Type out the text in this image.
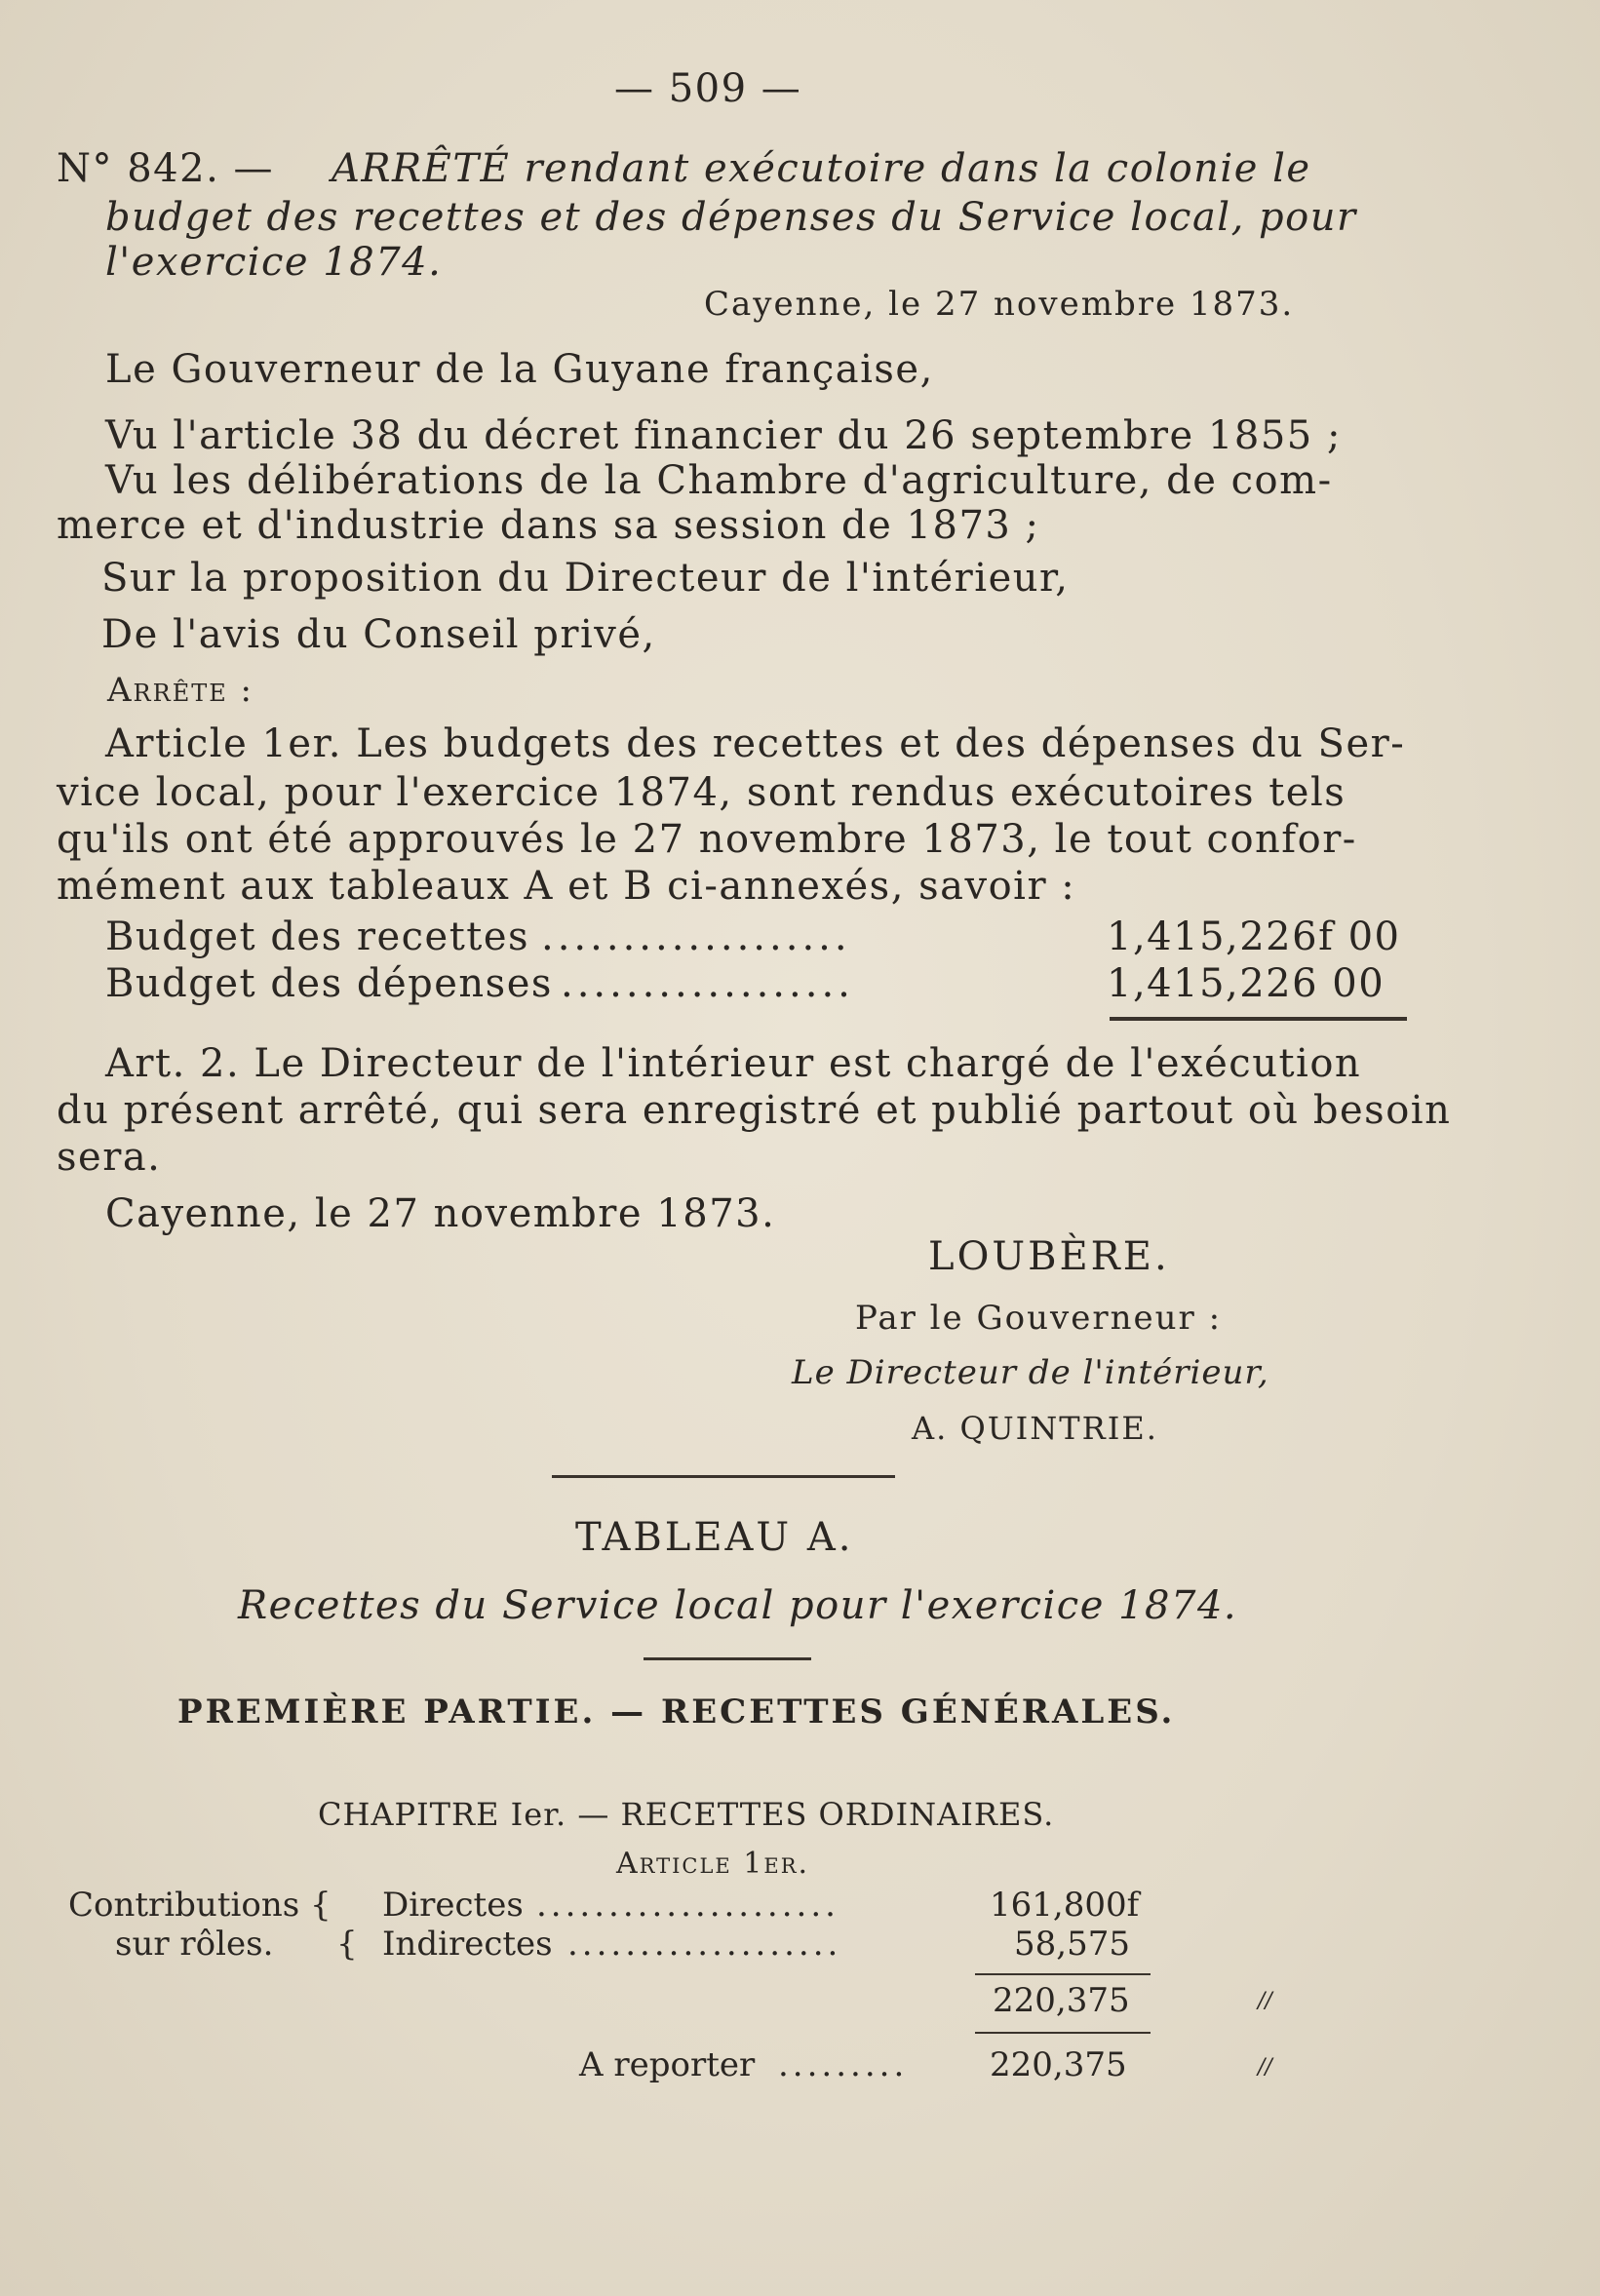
— 509 —
N° 842. — ARRÊTÉ rendant exécutoire dans la colonie le
budget des recettes et des dépenses du Service local, pour
l'exercice 1874.
Cayenne, le 27 novembre 1873.
Le Gouverneur de la Guyane française,
Vu l'article 38 du décret financier du 26 septembre 1855 ;
Vu les délibérations de la Chambre d'agriculture, de com-
merce et d'industrie dans sa session de 1873 ;
Sur la proposition du Directeur de l'intérieur,
De l'avis du Conseil privé,
Arrête :
Article 1er. Les budgets des recettes et des dépenses du Ser-
vice local, pour l'exercice 1874, sont rendus exécutoires tels
qu'ils ont été approuvés le 27 novembre 1873, le tout confor-
mément aux tableaux A et B ci-annexés, savoir :
Budget des recettes ...................	1,415,226f 00
Budget des dépenses ..................	1,415,226 00
Art. 2. Le Directeur de l'intérieur est chargé de l'exécution
du présent arrêté, qui sera enregistré et publié partout où besoin
sera.
Cayenne, le 27 novembre 1873.
LOUBÈRE.
Par le Gouverneur :
Le Directeur de l'intérieur,
A. QUINTRIE.
TABLEAU A.
Recettes du Service local pour l'exercice 1874.
PREMIÈRE PARTIE. — RECETTES GÉNÉRALES.
CHAPITRE Ier. — RECETTES ORDINAIRES.
Article 1er.
Contributions { Directes .....................	161,800f
sur rôles. { Indirectes ...................	58,575
220,375	//
A reporter ......... 220,375	//
